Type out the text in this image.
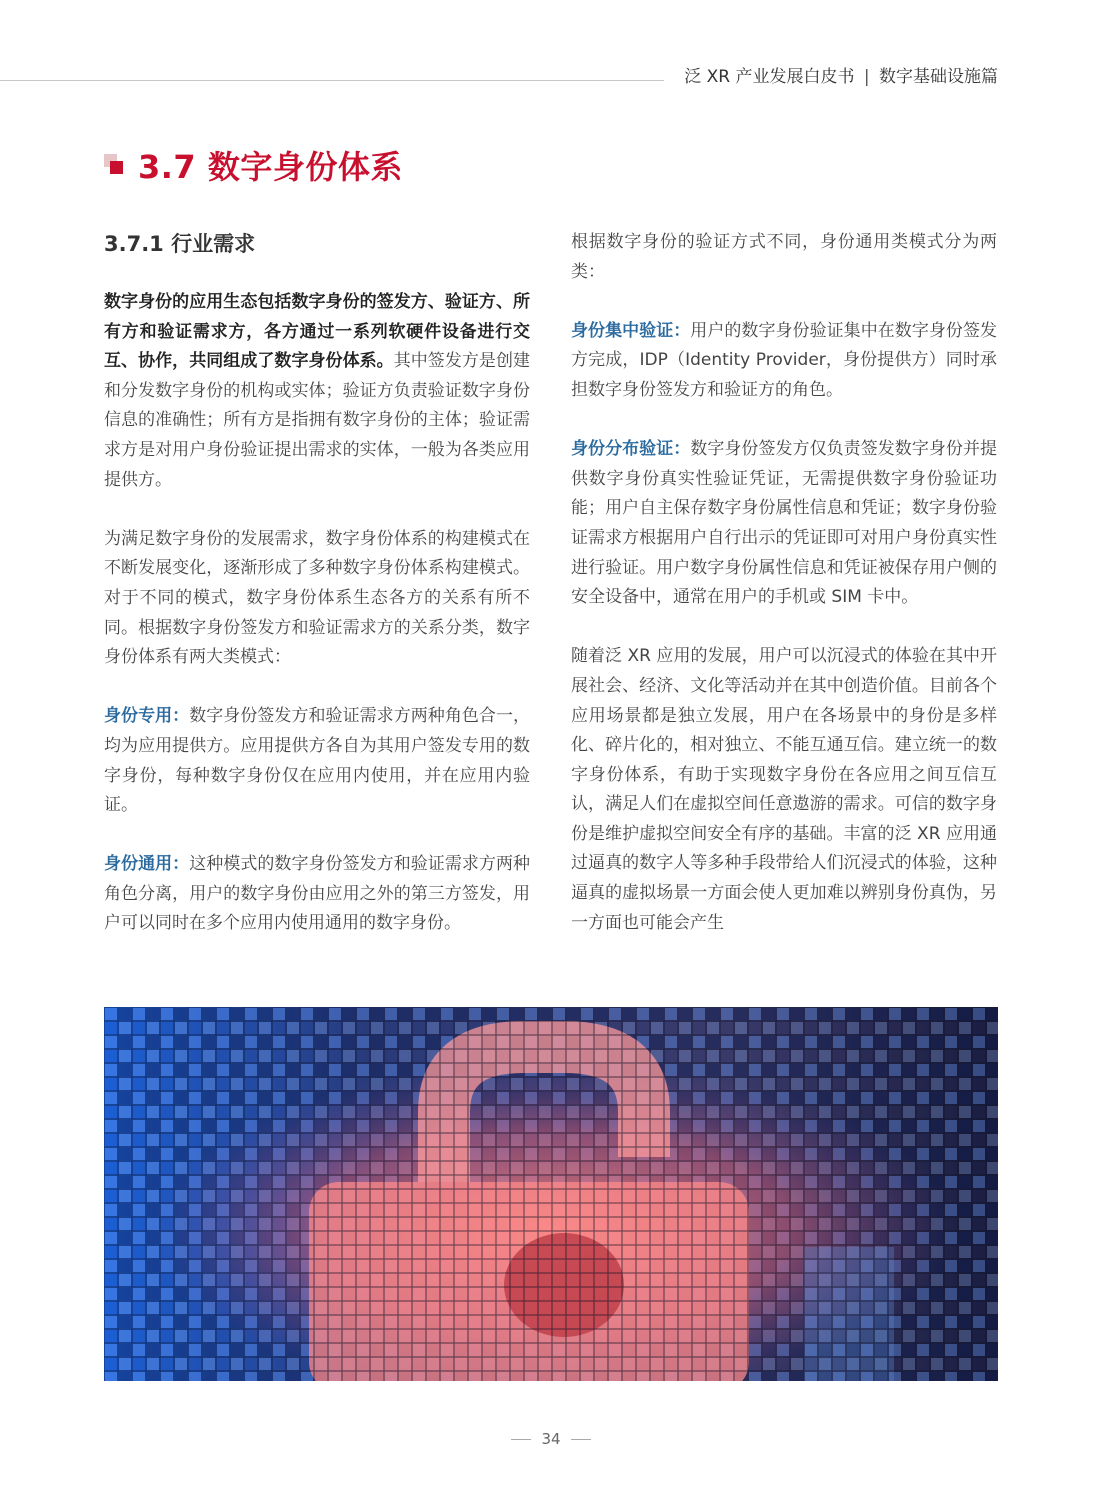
泛 XR 产业发展白皮书 | 数字基础设施篇
3.7 数字身份体系
3.7.1 行业需求

数字身份的应用生态包括数字身份的签发方、验证方、所有方和验证需求方，各方通过一系列软硬件设备进行交互、协作，共同组成了数字身份体系。其中签发方是创建和分发数字身份的机构或实体；验证方负责验证数字身份信息的准确性；所有方是指拥有数字身份的主体；验证需求方是对用户身份验证提出需求的实体，一般为各类应用提供方。

为满足数字身份的发展需求，数字身份体系的构建模式在不断发展变化，逐渐形成了多种数字身份体系构建模式。对于不同的模式，数字身份体系生态各方的关系有所不同。根据数字身份签发方和验证需求方的关系分类，数字身份体系有两大类模式：

身份专用：数字身份签发方和验证需求方两种角色合一，均为应用提供方。应用提供方各自为其用户签发专用的数字身份，每种数字身份仅在应用内使用，并在应用内验证。

身份通用：这种模式的数字身份签发方和验证需求方两种角色分离，用户的数字身份由应用之外的第三方签发，用户可以同时在多个应用内使用通用的数字身份。

根据数字身份的验证方式不同，身份通用类模式分为两类：

身份集中验证：用户的数字身份验证集中在数字身份签发方完成，IDP（Identity Provider，身份提供方）同时承担数字身份签发方和验证方的角色。

身份分布验证：数字身份签发方仅负责签发数字身份并提供数字身份真实性验证凭证，无需提供数字身份验证功能；用户自主保存数字身份属性信息和凭证；数字身份验证需求方根据用户自行出示的凭证即可对用户身份真实性进行验证。用户数字身份属性信息和凭证被保存用户侧的安全设备中，通常在用户的手机或 SIM 卡中。

随着泛 XR 应用的发展，用户可以沉浸式的体验在其中开展社会、经济、文化等活动并在其中创造价值。目前各个应用场景都是独立发展，用户在各场景中的身份是多样化、碎片化的，相对独立、不能互通互信。建立统一的数字身份体系，有助于实现数字身份在各应用之间互信互认，满足人们在虚拟空间任意遨游的需求。可信的数字身份是维护虚拟空间安全有序的基础。丰富的泛 XR 应用通过逼真的数字人等多种手段带给人们沉浸式的体验，这种逼真的虚拟场景一方面会使人更加难以辨别身份真伪，另一方面也可能会产生

34
